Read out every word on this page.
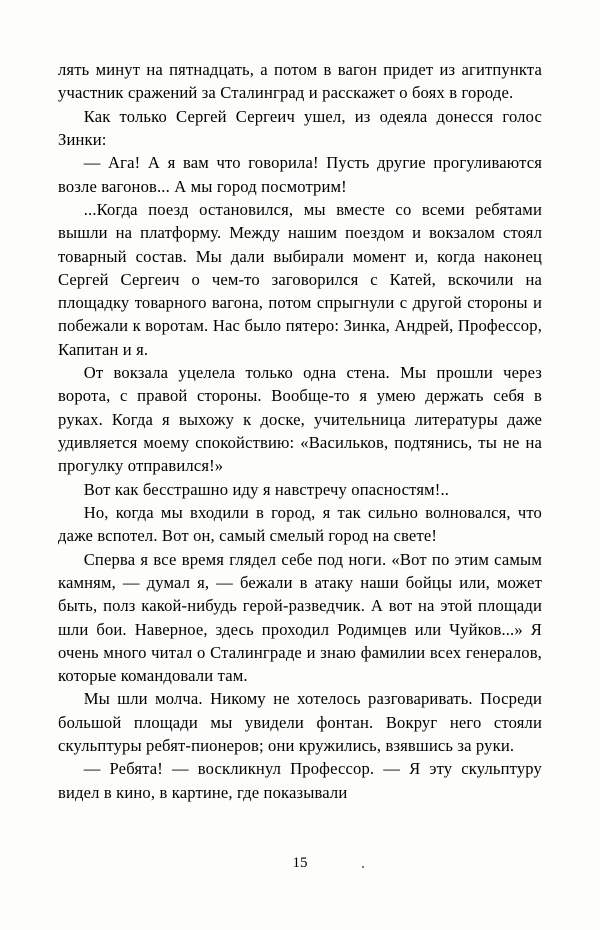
лять минут на пятнадцать, а потом в вагон придет из агитпункта участник сражений за Сталинград и расскажет о боях в городе.

Как только Сергей Сергеич ушел, из одеяла донесся голос Зинки:

— Ага! А я вам что говорила! Пусть другие прогуливаются возле вагонов... А мы город посмотрим!

...Когда поезд остановился, мы вместе со всеми ребятами вышли на платформу. Между нашим поездом и вокзалом стоял товарный состав. Мы дали выбирали момент и, когда наконец Сергей Сергеич о чем-то заговорился с Катей, вскочили на площадку товарного вагона, потом спрыгнули с другой стороны и побежали к воротам. Нас было пятеро: Зинка, Андрей, Профессор, Капитан и я.

От вокзала уцелела только одна стена. Мы прошли через ворота, с правой стороны. Вообще-то я умею держать себя в руках. Когда я выхожу к доске, учительница литературы даже удивляется моему спокойствию: «Васильков, подтянись, ты не на прогулку отправился!»

Вот как бесстрашно иду я навстречу опасностям!..

Но, когда мы входили в город, я так сильно волновался, что даже вспотел. Вот он, самый смелый город на свете!

Сперва я все время глядел себе под ноги. «Вот по этим самым камням, — думал я, — бежали в атаку наши бойцы или, может быть, полз какой-нибудь герой-разведчик. А вот на этой площади шли бои. Наверное, здесь проходил Родимцев или Чуйков...» Я очень много читал о Сталинграде и знаю фамилии всех генералов, которые командовали там.

Мы шли молча. Никому не хотелось разговаривать. Посреди большой площади мы увидели фонтан. Вокруг него стояли скульптуры ребят-пионеров; они кружились, взявшись за руки.

— Ребята! — воскликнул Профессор. — Я эту скульптуру видел в кино, в картине, где показывали

15
